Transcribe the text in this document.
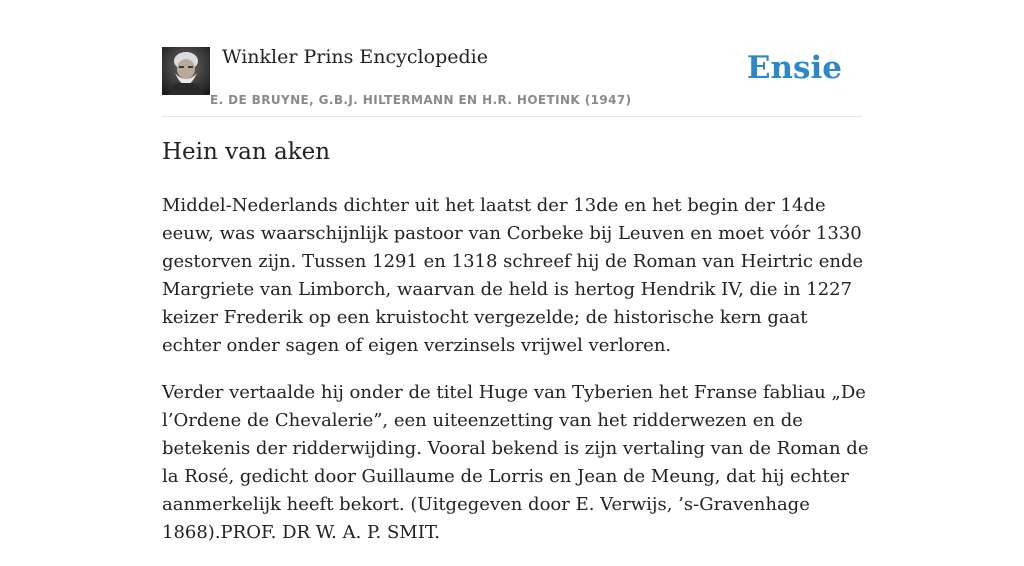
Winkler Prins Encyclopedie
E. DE BRUYNE, G.B.J. HILTERMANN EN H.R. HOETINK (1947)
Ensie
Hein van aken

Middel-Nederlands dichter uit het laatst der 13de en het begin der 14de eeuw, was waarschijnlijk pastoor van Corbeke bij Leuven en moet vóór 1330 gestorven zijn. Tussen 1291 en 1318 schreef hij de Roman van Heirtric ende Margriete van Limborch, waarvan de held is hertog Hendrik IV, die in 1227 keizer Frederik op een kruistocht vergezelde; de historische kern gaat echter onder sagen of eigen verzinsels vrijwel verloren.

Verder vertaalde hij onder de titel Huge van Tyberien het Franse fabliau „De l’Ordene de Chevalerie”, een uiteenzetting van het ridderwezen en de betekenis der ridderwijding. Vooral bekend is zijn vertaling van de Roman de la Rosé, gedicht door Guillaume de Lorris en Jean de Meung, dat hij echter aanmerkelijk heeft bekort. (Uitgegeven door E. Verwijs, ’s-Gravenhage 1868).PROF. DR W. A. P. SMIT.
